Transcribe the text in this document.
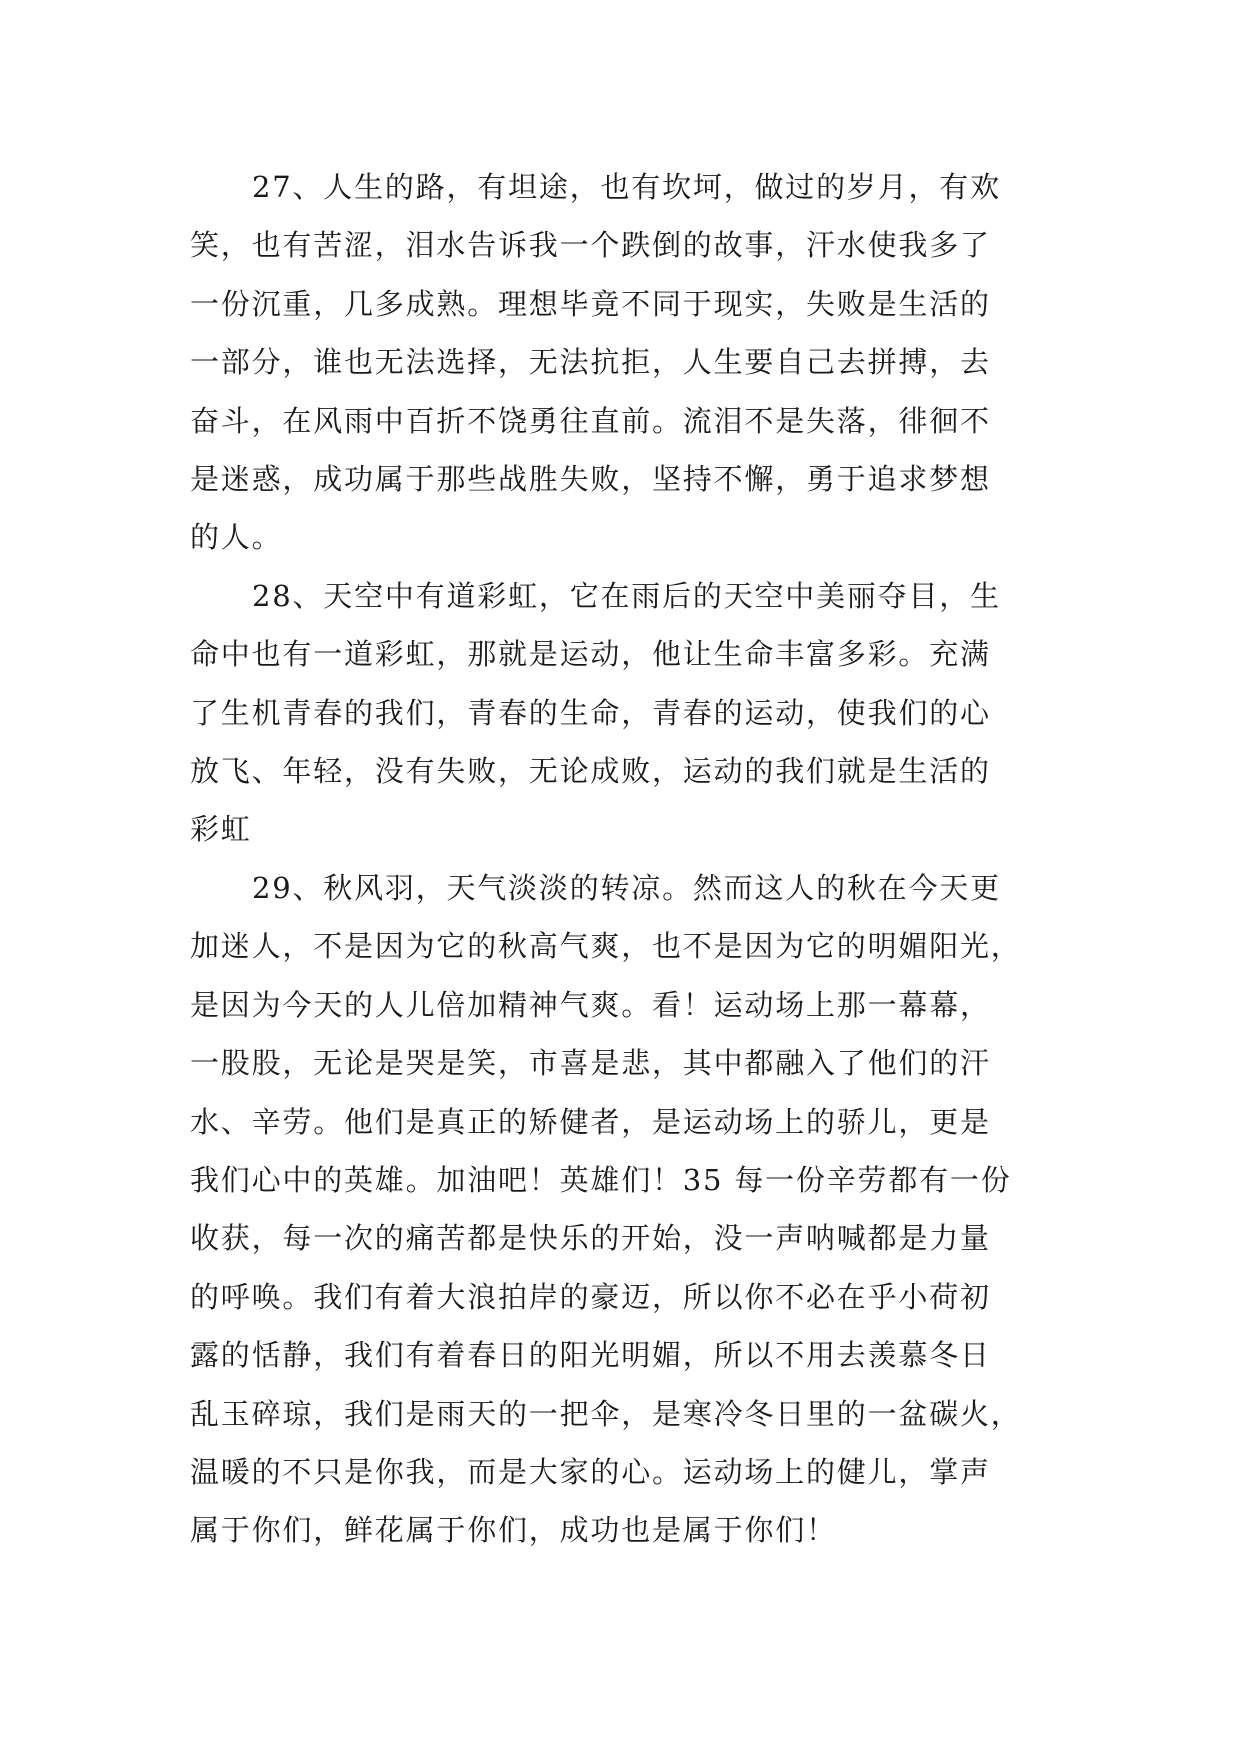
27、人生的路，有坦途，也有坎坷，做过的岁月，有欢
笑，也有苦涩，泪水告诉我一个跌倒的故事，汗水使我多了
一份沉重，几多成熟。理想毕竟不同于现实，失败是生活的
一部分，谁也无法选择，无法抗拒，人生要自己去拼搏，去
奋斗，在风雨中百折不饶勇往直前。流泪不是失落，徘徊不
是迷惑，成功属于那些战胜失败，坚持不懈，勇于追求梦想
的人。

28、天空中有道彩虹，它在雨后的天空中美丽夺目，生
命中也有一道彩虹，那就是运动，他让生命丰富多彩。充满
了生机青春的我们，青春的生命，青春的运动，使我们的心
放飞、年轻，没有失败，无论成败，运动的我们就是生活的
彩虹

29、秋风羽，天气淡淡的转凉。然而这人的秋在今天更
加迷人，不是因为它的秋高气爽，也不是因为它的明媚阳光，
是因为今天的人儿倍加精神气爽。看！运动场上那一幕幕，
一股股，无论是哭是笑，市喜是悲，其中都融入了他们的汗
水、辛劳。他们是真正的矫健者，是运动场上的骄儿，更是
我们心中的英雄。加油吧！英雄们！35 每一份辛劳都有一份
收获，每一次的痛苦都是快乐的开始，没一声呐喊都是力量
的呼唤。我们有着大浪拍岸的豪迈，所以你不必在乎小荷初
露的恬静，我们有着春日的阳光明媚，所以不用去羡慕冬日
乱玉碎琼，我们是雨天的一把伞，是寒冷冬日里的一盆碳火，
温暖的不只是你我，而是大家的心。运动场上的健儿，掌声
属于你们，鲜花属于你们，成功也是属于你们！
